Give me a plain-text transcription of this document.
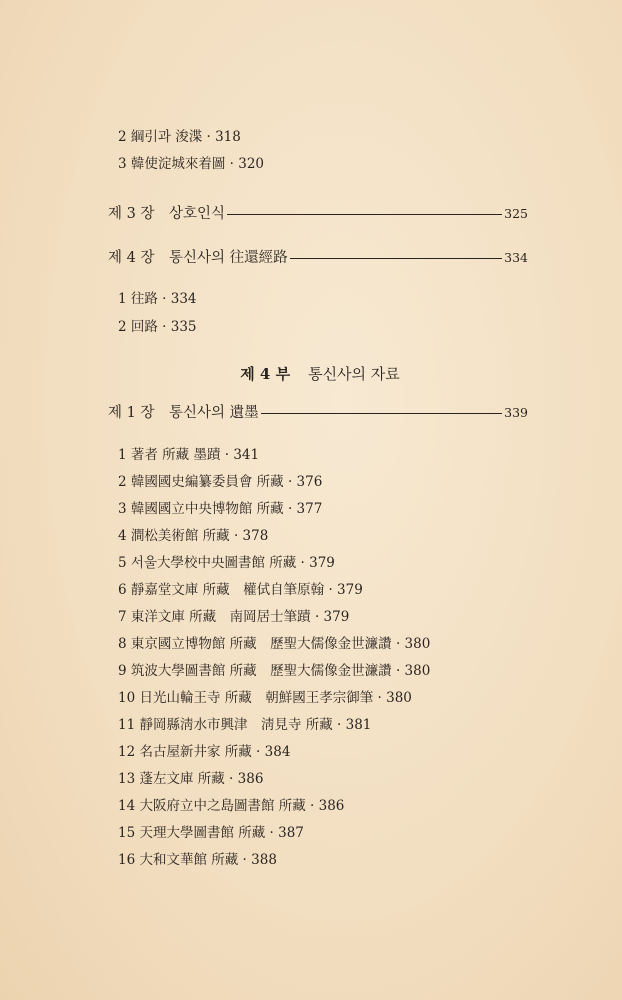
2 綱引과 浚渫 · 318
3 韓使淀城來着圖 · 320
제 3 장　상호인식	325
제 4 장　통신사의 往還經路	334
1 往路 · 334
2 回路 · 335
제 4 부 통신사의 자료
제 1 장　통신사의 遺墨	339
1 著者 所藏 墨蹟 · 341
2 韓國國史編纂委員會 所藏 · 376
3 韓國國立中央博物館 所藏 · 377
4 澗松美術館 所藏 · 378
5 서울大學校中央圖書館 所藏 · 379
6 靜嘉堂文庫 所藏　權侙自筆原翰 · 379
7 東洋文庫 所藏　南岡居士筆蹟 · 379
8 東京國立博物館 所藏　歷聖大儒像金世濂讚 · 380
9 筑波大學圖書館 所藏　歷聖大儒像金世濂讚 · 380
10 日光山輪王寺 所藏　朝鮮國王孝宗御筆 · 380
11 靜岡縣淸水市興津　淸見寺 所藏 · 381
12 名古屋新井家 所藏 · 384
13 蓬左文庫 所藏 · 386
14 大阪府立中之島圖書館 所藏 · 386
15 天理大學圖書館 所藏 · 387
16 大和文華館 所藏 · 388
